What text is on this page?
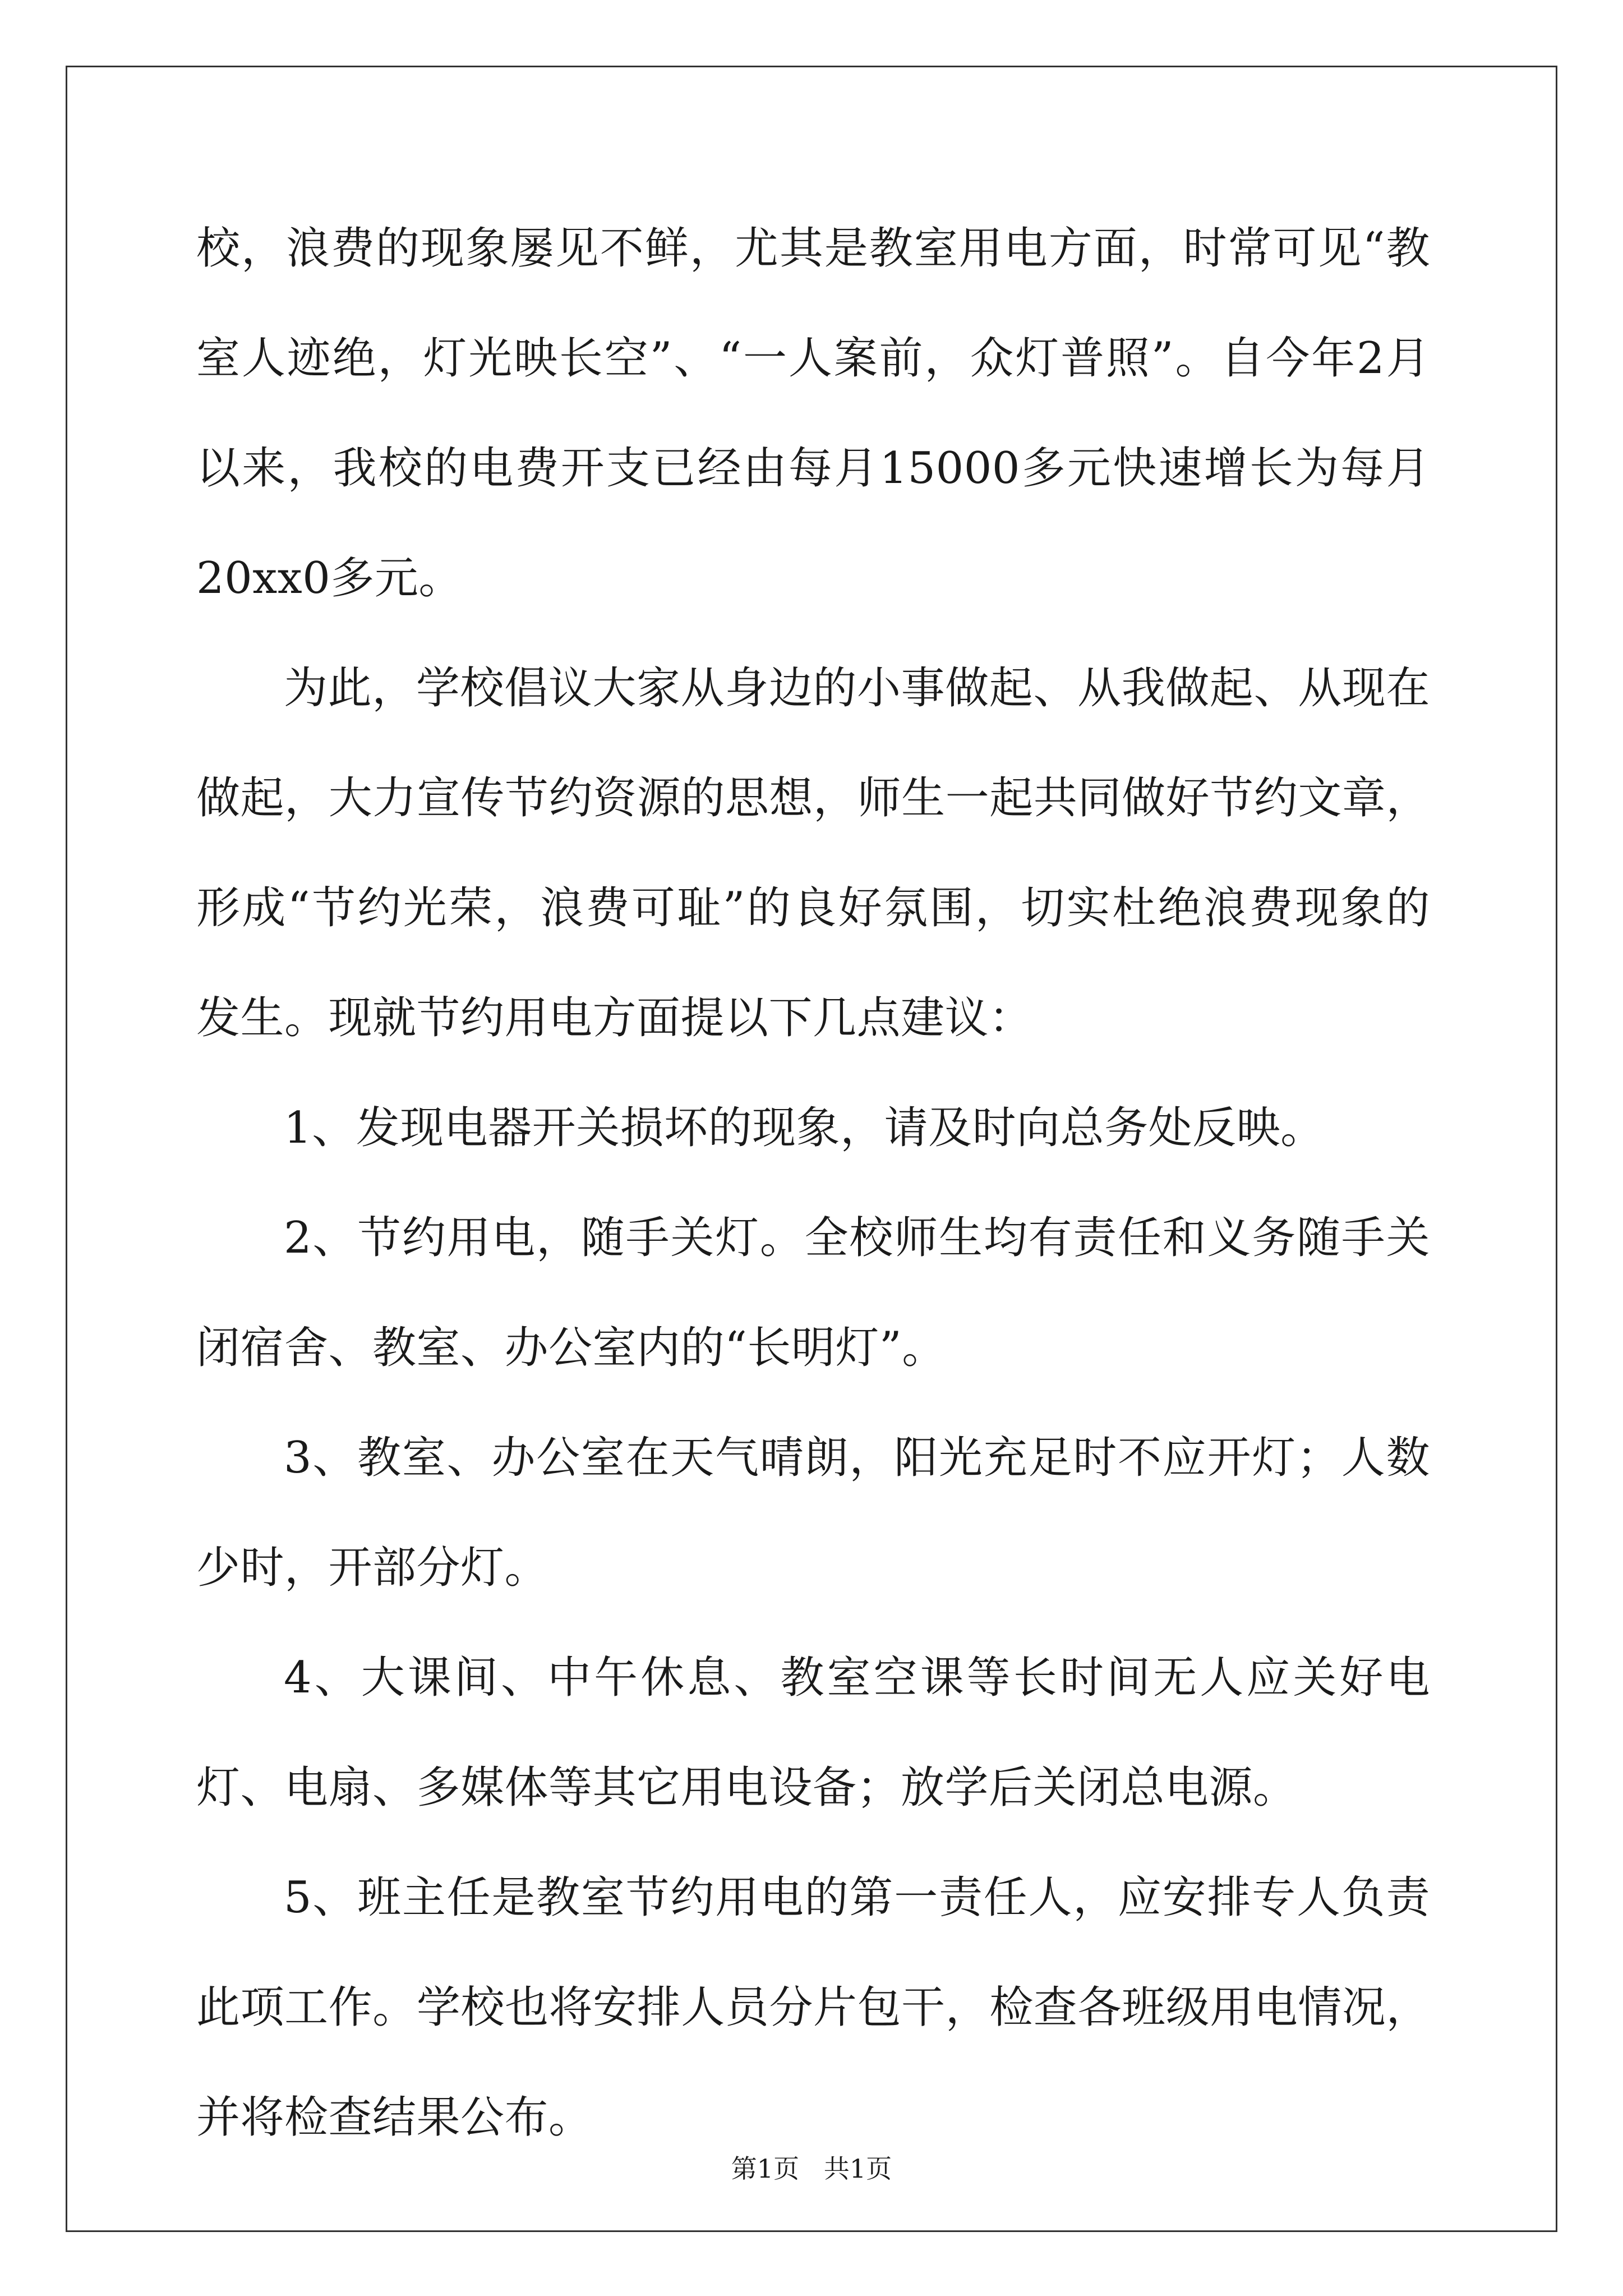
校，浪费的现象屡见不鲜，尤其是教室用电方面，时常可见“教室人迹绝，灯光映长空”、“一人案前，众灯普照”。自今年2月以来，我校的电费开支已经由每月15000多元快速增长为每月20xx0多元。

为此，学校倡议大家从身边的小事做起、从我做起、从现在做起，大力宣传节约资源的思想，师生一起共同做好节约文章，形成“节约光荣，浪费可耻”的良好氛围，切实杜绝浪费现象的发生。现就节约用电方面提以下几点建议：

1、发现电器开关损坏的现象，请及时向总务处反映。

2、节约用电，随手关灯。全校师生均有责任和义务随手关闭宿舍、教室、办公室内的“长明灯”。

3、教室、办公室在天气晴朗，阳光充足时不应开灯；人数少时，开部分灯。

4、大课间、中午休息、教室空课等长时间无人应关好电灯、电扇、多媒体等其它用电设备；放学后关闭总电源。

5、班主任是教室节约用电的第一责任人，应安排专人负责此项工作。学校也将安排人员分片包干，检查各班级用电情况，并将检查结果公布。

第1页   共1页
